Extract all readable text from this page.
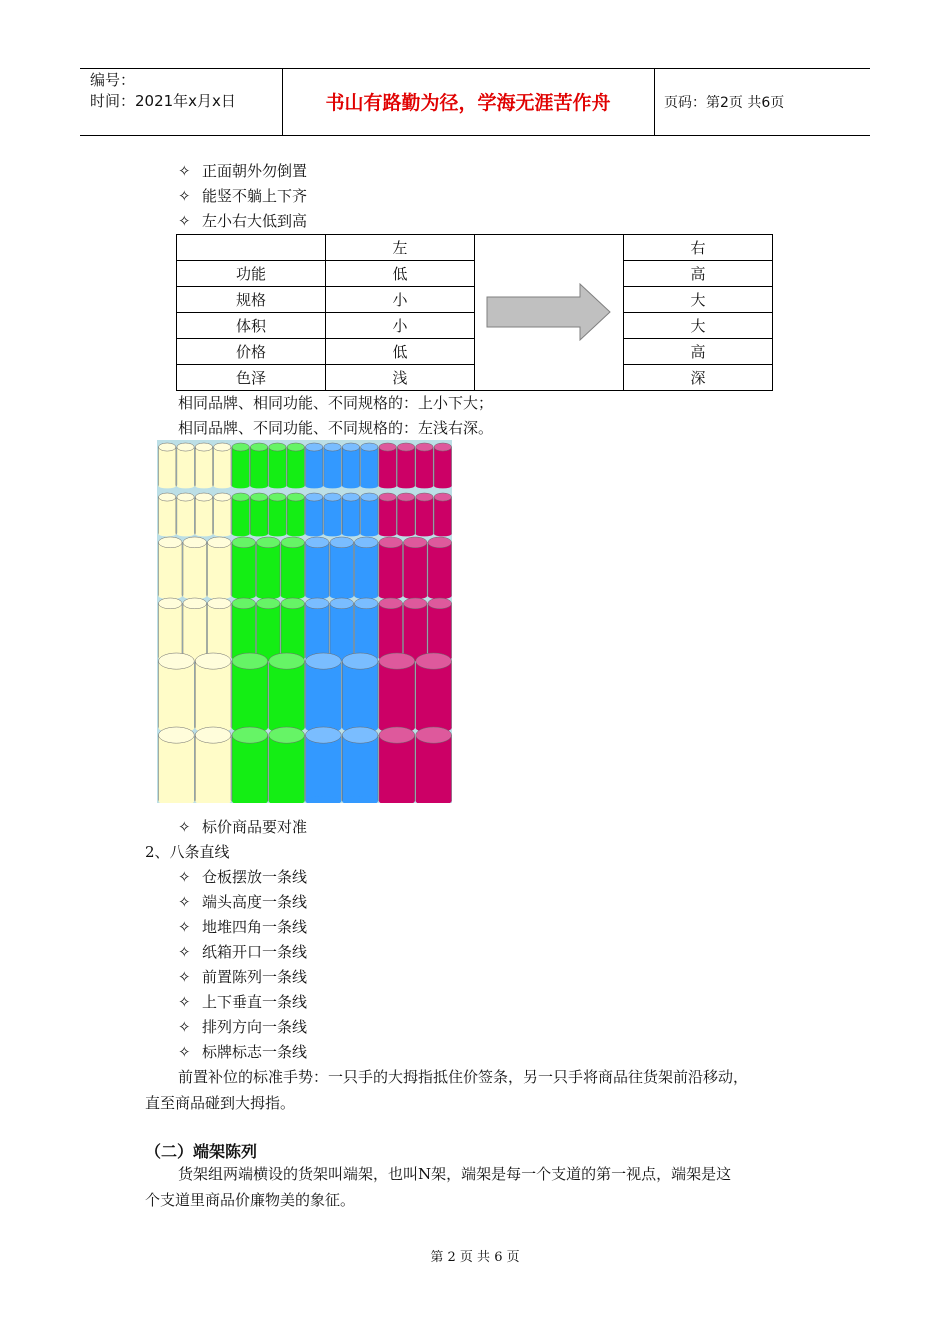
编号：
时间：2021年x月x日	书山有路勤为径，学海无涯苦作舟	页码：第2页 共6页
✧ 正面朝外勿倒置
✧ 能竖不躺上下齐
✧ 左小右大低到高
	左		右
功能	低		高
规格	小		大
体积	小		大
价格	低		高
色泽	浅		深
相同品牌、相同功能、不同规格的：上小下大；
相同品牌、不同功能、不同规格的：左浅右深。
✧ 标价商品要对准
2、八条直线
✧ 仓板摆放一条线
✧ 端头高度一条线
✧ 地堆四角一条线
✧ 纸箱开口一条线
✧ 前置陈列一条线
✧ 上下垂直一条线
✧ 排列方向一条线
✧ 标牌标志一条线
前置补位的标准手势：一只手的大拇指抵住价签条，另一只手将商品往货架前沿移动，
直至商品碰到大拇指。
（二）端架陈列
货架组两端横设的货架叫端架，也叫N架，端架是每一个支道的第一视点，端架是这
个支道里商品价廉物美的象征。
第 2 页 共 6 页
